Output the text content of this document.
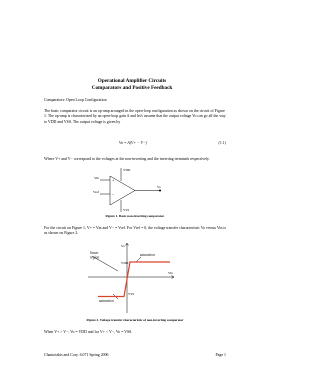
Operational Amplifier Circuits
Comparators and Positive Feedback
Comparators: Open Loop Configuration
The basic comparator circuit is an op-amp arranged in the open-loop configuration as shown on the circuit of Figure 1. The op-amp is characterized by an open-loop gain A and let's assume that the output voltage Vo can go all the way to VDD and VSS. The output voltage is given by
Vo = A(V+ − V−)	(1.1)
Where V+ and V− correspond to the voltages at the non-inverting and the inverting terminals respectively.
+
−
VDD
VSS
Vin
Vref
Vo
Figure 1. Basic non-inverting comparator.
For the circuit on Figure 1, V+ = Vin and V− = Vref. For Vref = 0, the voltage transfer characteristic Vo versus Vin is as shown on Figure 2.
Vo
Vin
linear
region
saturation
saturation
VDD
VSS
Figure 2. Voltage transfer characteristic of non-inverting comparator
When V+ > V−, Vo = VDD and for V+ < V−, Vo = VSS.
Chaniotakis and Cory. 6.071 Spring 2006	Page 1
